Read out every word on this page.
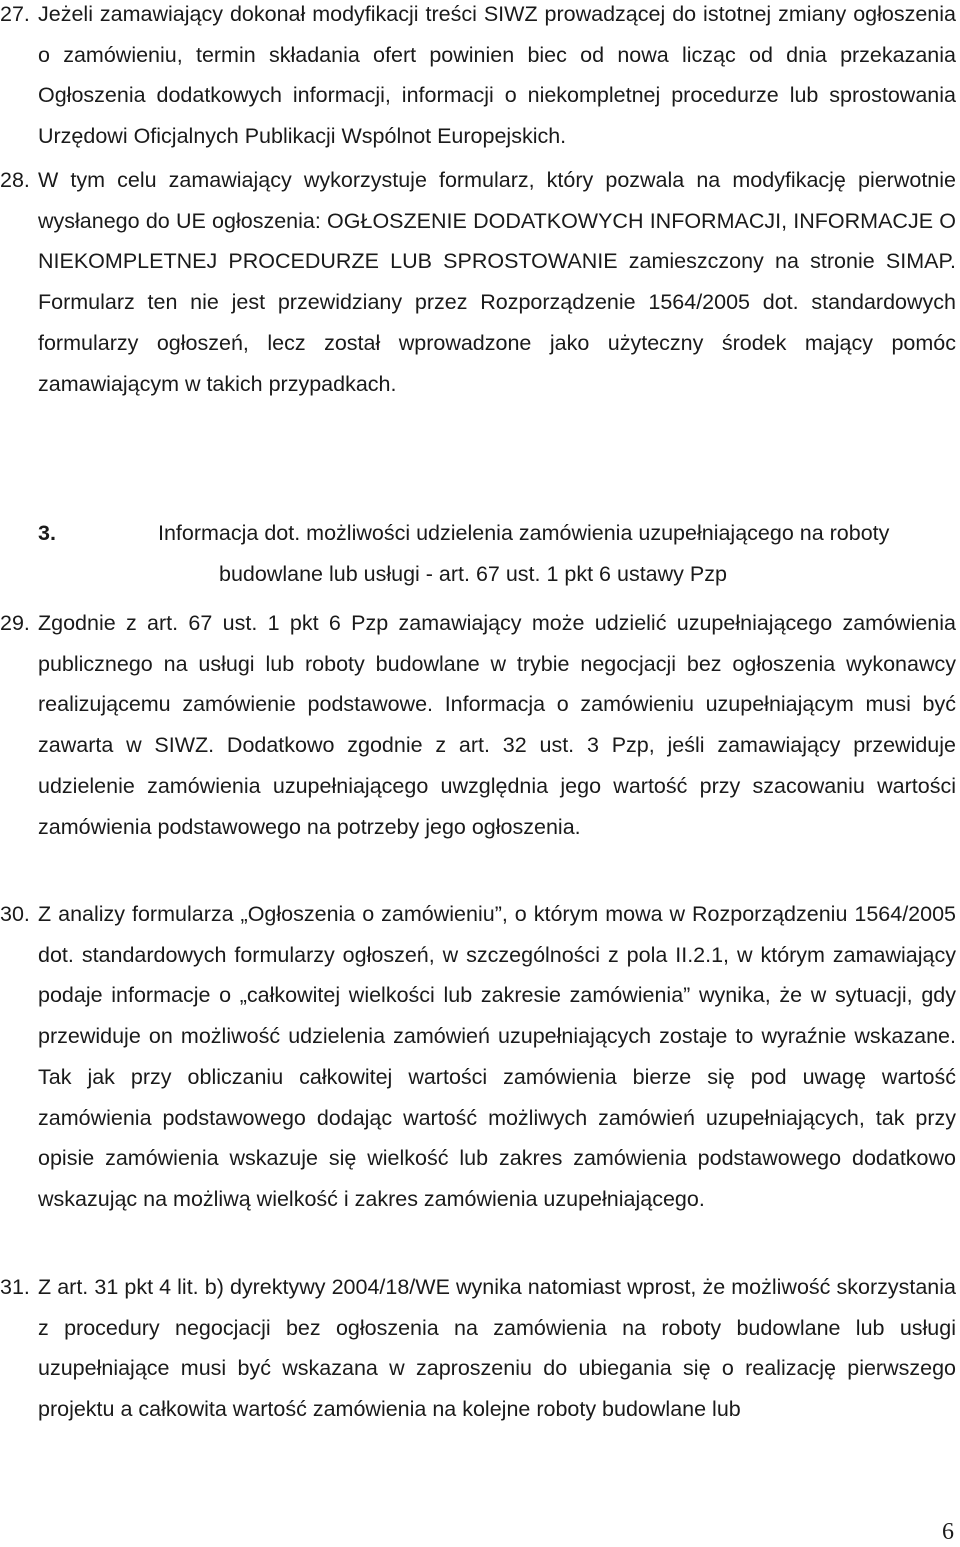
27. Jeżeli zamawiający dokonał modyfikacji treści SIWZ prowadzącej do istotnej zmiany ogłoszenia o zamówieniu, termin składania ofert powinien biec od nowa licząc od dnia przekazania Ogłoszenia dodatkowych informacji, informacji o niekompletnej procedurze lub sprostowania Urzędowi Oficjalnych Publikacji Wspólnot Europejskich.
28. W tym celu zamawiający wykorzystuje formularz, który pozwala na modyfikację pierwotnie wysłanego do UE ogłoszenia: OGŁOSZENIE DODATKOWYCH INFORMACJI, INFORMACJE O NIEKOMPLETNEJ PROCEDURZE LUB SPROSTOWANIE zamieszczony na stronie SIMAP. Formularz ten nie jest przewidziany przez Rozporządzenie 1564/2005 dot. standardowych formularzy ogłoszeń, lecz został wprowadzone jako użyteczny środek mający pomóc zamawiającym w takich przypadkach.
3.	Informacja dot. możliwości udzielenia zamówienia uzupełniającego na roboty
budowlane lub usługi - art. 67 ust. 1 pkt 6 ustawy Pzp
29. Zgodnie z art. 67 ust. 1 pkt 6 Pzp zamawiający może udzielić uzupełniającego zamówienia publicznego na usługi lub roboty budowlane w trybie negocjacji bez ogłoszenia wykonawcy realizującemu zamówienie podstawowe. Informacja o zamówieniu uzupełniającym musi być zawarta w SIWZ. Dodatkowo zgodnie z art. 32 ust. 3 Pzp, jeśli zamawiający przewiduje udzielenie zamówienia uzupełniającego uwzględnia jego wartość przy szacowaniu wartości zamówienia podstawowego na potrzeby jego ogłoszenia.
30. Z analizy formularza „Ogłoszenia o zamówieniu”, o którym mowa w Rozporządzeniu 1564/2005 dot. standardowych formularzy ogłoszeń, w szczególności z pola II.2.1, w którym zamawiający podaje informacje o „całkowitej wielkości lub zakresie zamówienia” wynika, że w sytuacji, gdy przewiduje on możliwość udzielenia zamówień uzupełniających zostaje to wyraźnie wskazane. Tak jak przy obliczaniu całkowitej wartości zamówienia bierze się pod uwagę wartość zamówienia podstawowego dodając wartość możliwych zamówień uzupełniających, tak przy opisie zamówienia wskazuje się wielkość lub zakres zamówienia podstawowego dodatkowo wskazując na możliwą wielkość i zakres zamówienia uzupełniającego.
31. Z art. 31 pkt 4 lit. b) dyrektywy 2004/18/WE wynika natomiast wprost, że możliwość skorzystania z procedury negocjacji bez ogłoszenia na zamówienia na roboty budowlane lub usługi uzupełniające musi być wskazana w zaproszeniu do ubiegania się o realizację pierwszego projektu a całkowita wartość zamówienia na kolejne roboty budowlane lub
6
